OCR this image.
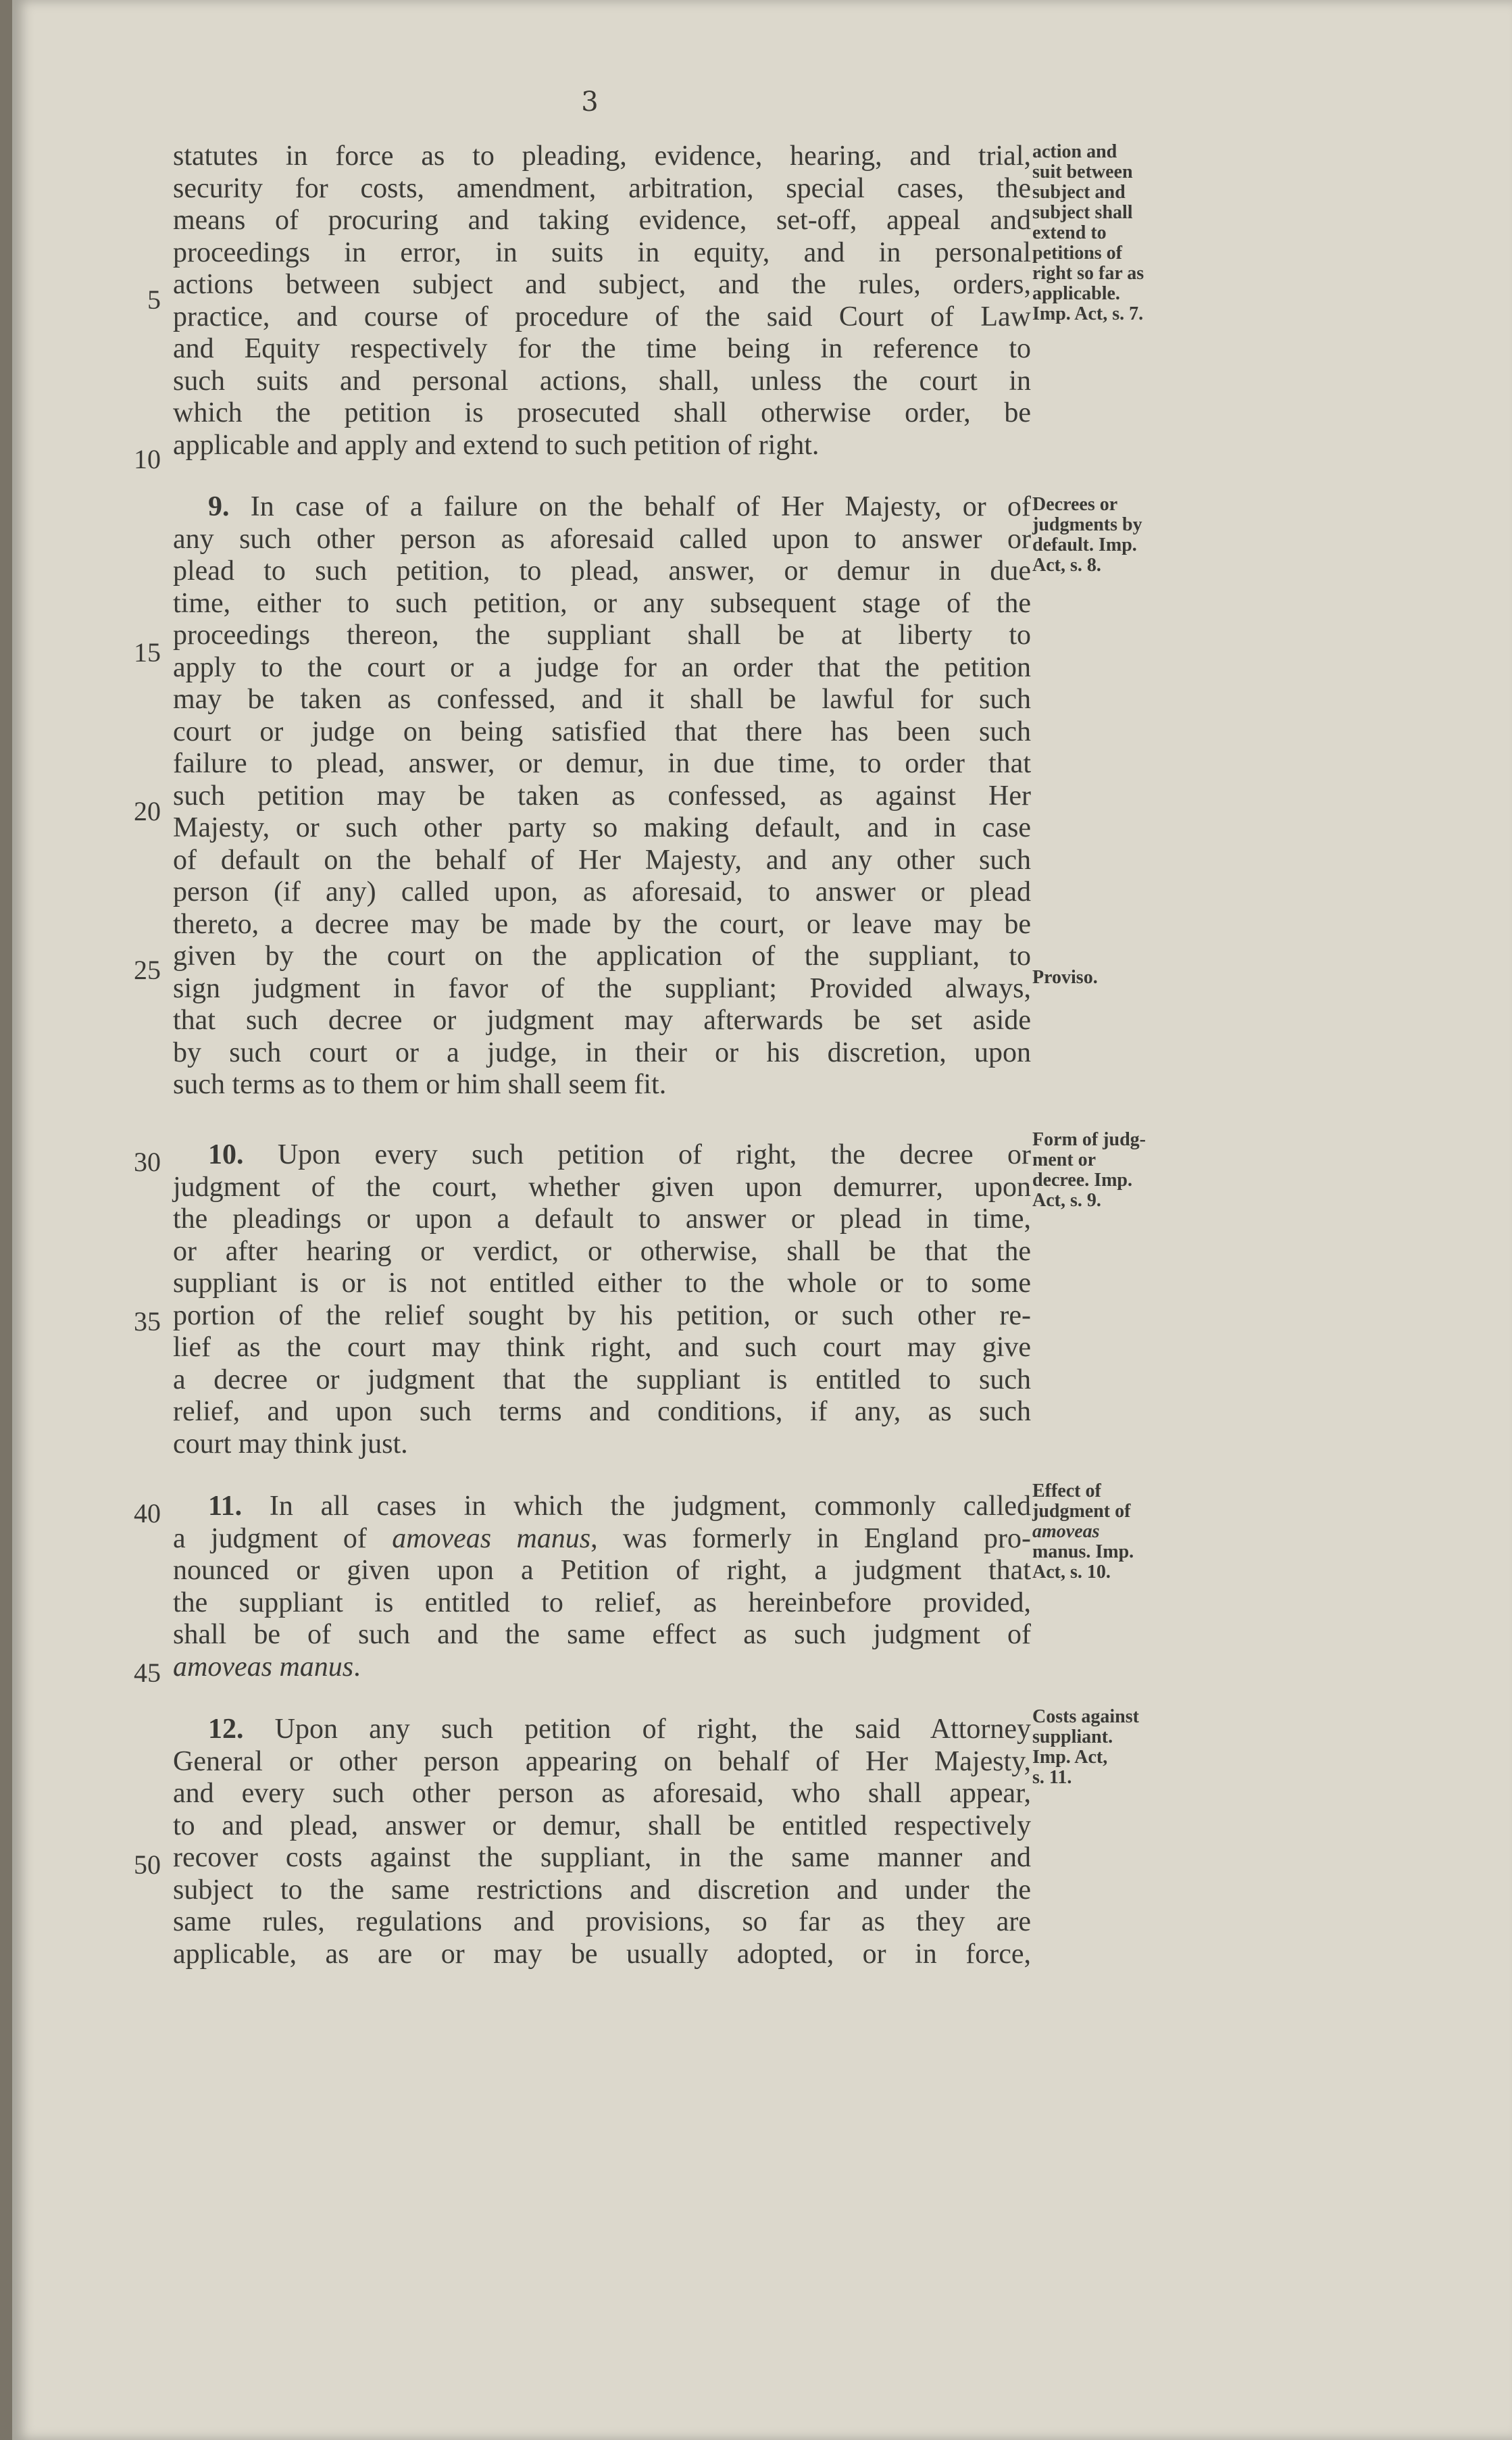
3
5
10
15
20
25
30
35
40
45
50
statutes in force as to pleading, evidence, hearing, and trial,
security for costs, amendment, arbitration, special cases, the
means of procuring and taking evidence, set-off, appeal and
proceedings in error, in suits in equity, and in personal
actions between subject and subject, and the rules, orders,
practice, and course of procedure of the said Court of Law
and Equity respectively for the time being in reference to
such suits and personal actions, shall, unless the court in
which the petition is prosecuted shall otherwise order, be
applicable and apply and extend to such petition of right.
action and
suit between
subject and
subject shall
extend to
petitions of
right so far as
applicable.
Imp. Act, s. 7.
9. In case of a failure on the behalf of Her Majesty, or of
any such other person as aforesaid called upon to answer or
plead to such petition, to plead, answer, or demur in due
time, either to such petition, or any subsequent stage of the
proceedings thereon, the suppliant shall be at liberty to
apply to the court or a judge for an order that the petition
may be taken as confessed, and it shall be lawful for such
court or judge on being satisfied that there has been such
failure to plead, answer, or demur, in due time, to order that
such petition may be taken as confessed, as against Her
Majesty, or such other party so making default, and in case
of default on the behalf of Her Majesty, and any other such
person (if any) called upon, as aforesaid, to answer or plead
thereto, a decree may be made by the court, or leave may be
given by the court on the application of the suppliant, to
sign judgment in favor of the suppliant; Provided always,
that such decree or judgment may afterwards be set aside
by such court or a judge, in their or his discretion, upon
such terms as to them or him shall seem fit.
Decrees or
judgments by
default. Imp.
Act, s. 8.
Proviso.
10. Upon every such petition of right, the decree or
judgment of the court, whether given upon demurrer, upon
the pleadings or upon a default to answer or plead in time,
or after hearing or verdict, or otherwise, shall be that the
suppliant is or is not entitled either to the whole or to some
portion of the relief sought by his petition, or such other re-
lief as the court may think right, and such court may give
a decree or judgment that the suppliant is entitled to such
relief, and upon such terms and conditions, if any, as such
court may think just.
Form of judg-
ment or
decree. Imp.
Act, s. 9.
11. In all cases in which the judgment, commonly called
a judgment of amoveas manus, was formerly in England pro-
nounced or given upon a Petition of right, a judgment that
the suppliant is entitled to relief, as hereinbefore provided,
shall be of such and the same effect as such judgment of
amoveas manus.
Effect of
judgment of
amoveas
manus. Imp.
Act, s. 10.
12. Upon any such petition of right, the said Attorney
General or other person appearing on behalf of Her Majesty,
and every such other person as aforesaid, who shall appear,
to and plead, answer or demur, shall be entitled respectively
recover costs against the suppliant, in the same manner and
subject to the same restrictions and discretion and under the
same rules, regulations and provisions, so far as they are
applicable, as are or may be usually adopted, or in force,
Costs against
suppliant.
Imp. Act,
s. 11.
